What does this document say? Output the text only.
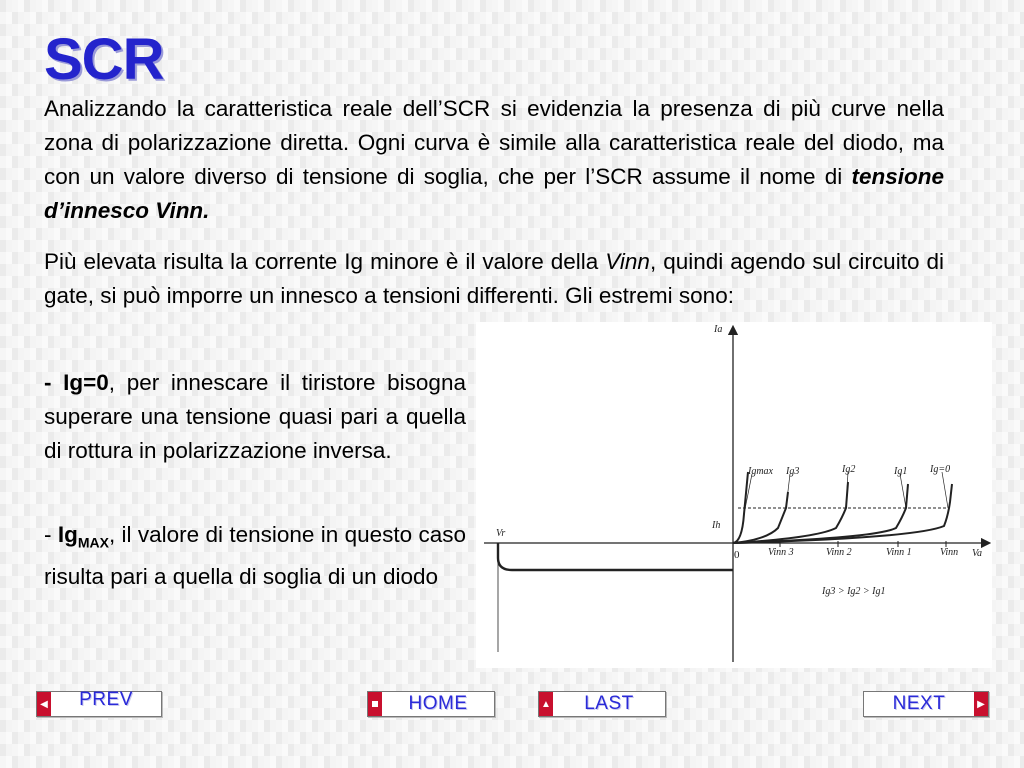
SCR

Analizzando la caratteristica reale dell’SCR si evidenzia la presenza di più curve nella zona di polarizzazione diretta. Ogni curva è simile alla caratteristica reale del diodo, ma con un valore diverso di tensione di soglia, che per l’SCR assume il nome di tensione d’innesco Vinn.

Più elevata risulta la corrente Ig minore è il valore della Vinn, quindi agendo sul circuito di gate, si può imporre un innesco a tensioni differenti. Gli estremi sono:

- Ig=0, per innescare il tiristore bisogna superare una tensione quasi pari a quella di rottura in polarizzazione inversa.

- $Ig_{MAX}$, il valore di tensione in questo caso risulta pari a quella di soglia di un diodo

Ia
Ih
Vr
Va
0
Igmax Ig3	Ig2	Ig1 Ig=0
Vinn 3	Vinn 2	Vinn 1	Vinn
Ig3 > Ig2 > Ig1
◀	PREV	HOME	▲	LAST	NEXT	▶
